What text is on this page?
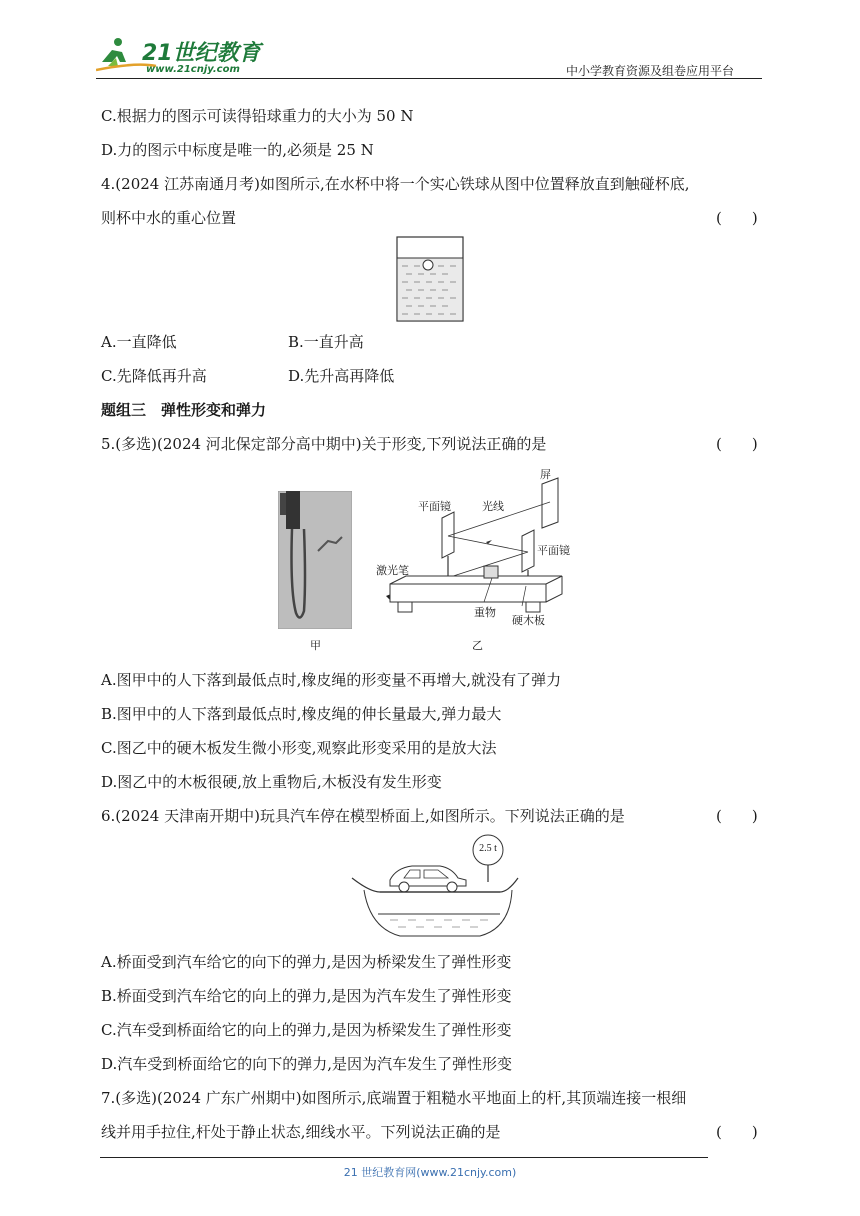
21世纪教育
www.21cnjy.com	中小学教育资源及组卷应用平台
C.根据力的图示可读得铅球重力的大小为 50 N
D.力的图示中标度是唯一的,必须是 25 N
4.(2024 江苏南通月考)如图所示,在水杯中将一个实心铁球从图中位置释放直到触碰杯底,
则杯中水的重心位置	(　　)
A.一直降低	B.一直升高
C.先降低再升高	D.先升高再降低
题组三　弹性形变和弹力
5.(多选)(2024 河北保定部分高中期中)关于形变,下列说法正确的是	(　　)
甲
屏
平面镜	光线
平面镜
激光笔
重物
硬木板
乙
A.图甲中的人下落到最低点时,橡皮绳的形变量不再增大,就没有了弹力
B.图甲中的人下落到最低点时,橡皮绳的伸长量最大,弹力最大
C.图乙中的硬木板发生微小形变,观察此形变采用的是放大法
D.图乙中的木板很硬,放上重物后,木板没有发生形变
6.(2024 天津南开期中)玩具汽车停在模型桥面上,如图所示。下列说法正确的是	(　　)
2.5 t
A.桥面受到汽车给它的向下的弹力,是因为桥梁发生了弹性形变
B.桥面受到汽车给它的向上的弹力,是因为汽车发生了弹性形变
C.汽车受到桥面给它的向上的弹力,是因为桥梁发生了弹性形变
D.汽车受到桥面给它的向下的弹力,是因为汽车发生了弹性形变
7.(多选)(2024 广东广州期中)如图所示,底端置于粗糙水平地面上的杆,其顶端连接一根细
线并用手拉住,杆处于静止状态,细线水平。下列说法正确的是	(　　)
21 世纪教育网(www.21cnjy.com)
